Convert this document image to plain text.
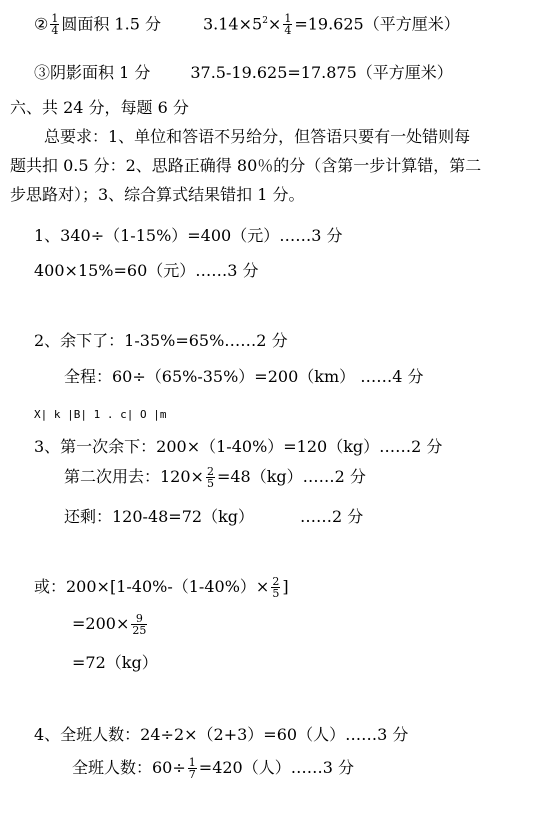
② $\frac{1}{4}$ 圆面积 1.5 分	$3.14\times 5^2\times \frac{1}{4} =19.625$（平方厘米）
③阴影面积 1 分	37.5-19.625=17.875（平方厘米）
六、共 24 分，每题 6 分
总要求：1、单位和答语不另给分，但答语只要有一处错则每
题共扣 0.5 分：2、思路正确得 80％的分（含第一步计算错，第二
步思路对）；3、综合算式结果错扣 1 分。
1、340÷（1-15%）=400（元）……3 分
400×15%=60（元）……3 分
2、余下了：1-35%=65%……2 分
全程：60÷（65%-35%）=200（km） ……4 分
X| k |B| 1 . c| O |m
3、第一次余下：200×（1-40%）=120（kg）……2 分
第二次用去：$120\times \frac{2}{5}$ =48（kg）……2 分
还剩：120-48=72（kg）	……2 分
或：$200\times[1-40\%-(1-40\%)\times \frac{2}{5}$ ]
$=200\times \frac{9}{25}$
=72（kg）
4、全班人数：24÷2×（2+3）=60（人）……3 分
全班人数：$60\div \frac{1}{7} =420$（人）……3 分
